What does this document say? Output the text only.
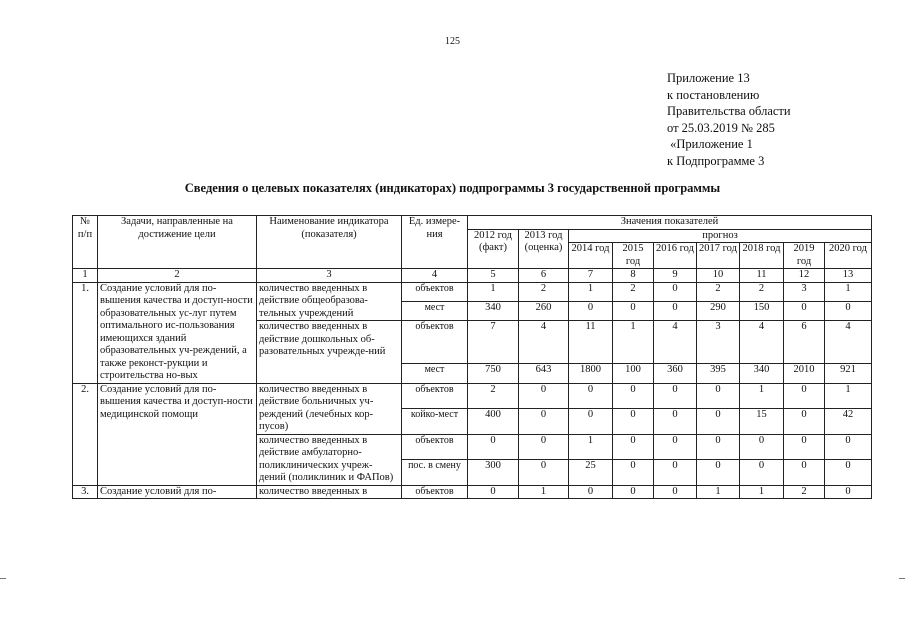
125
Приложение 13
к постановлению
Правительства области
от 25.03.2019 № 285
«Приложение 1
к Подпрограмме 3
Сведения о целевых показателях (индикаторах) подпрограммы 3 государственной программы
№ п/п	Задачи, направленные на достижение цели	Наименование индикатора (показателя)	Ед. измере-ния	Значения показателей								
				2012 год (факт)	2013 год (оценка)	прогноз						
						2014 год	2015 год	2016 год	2017 год	2018 год	2019 год	2020 год
1	2	3	4	5	6	7	8	9	10	11	12	13
1.	Создание условий для по-вышения качества и доступ-ности образовательных ус-луг путем оптимального ис-пользования имеющихся зданий образовательных уч-реждений, а также реконст-рукции и строительства но-вых	количество введенных в действие общеобразова-тельных учреждений	объектов	1	2	1	2	0	2	2	3	1
			мест	340	260	0	0	0	290	150	0	0
		количество введенных в действие дошкольных об-разовательных учрежде-ний	объектов	7	4	11	1	4	3	4	6	4
			мест	750	643	1800	100	360	395	340	2010	921
2.	Создание условий для по-вышения качества и доступ-ности медицинской помощи	количество введенных в действие больничных уч-реждений (лечебных кор-пусов)	объектов	2	0	0	0	0	0	1	0	1
			койко-мест	400	0	0	0	0	0	15	0	42
		количество введенных в действие амбулаторно-поликлинических учреж-дений (поликлиник и ФАПов)	объектов	0	0	1	0	0	0	0	0	0
			пос. в смену	300	0	25	0	0	0	0	0	0
3.	Создание условий для по-	количество введенных в	объектов	0	1	0	0	0	1	1	2	0
